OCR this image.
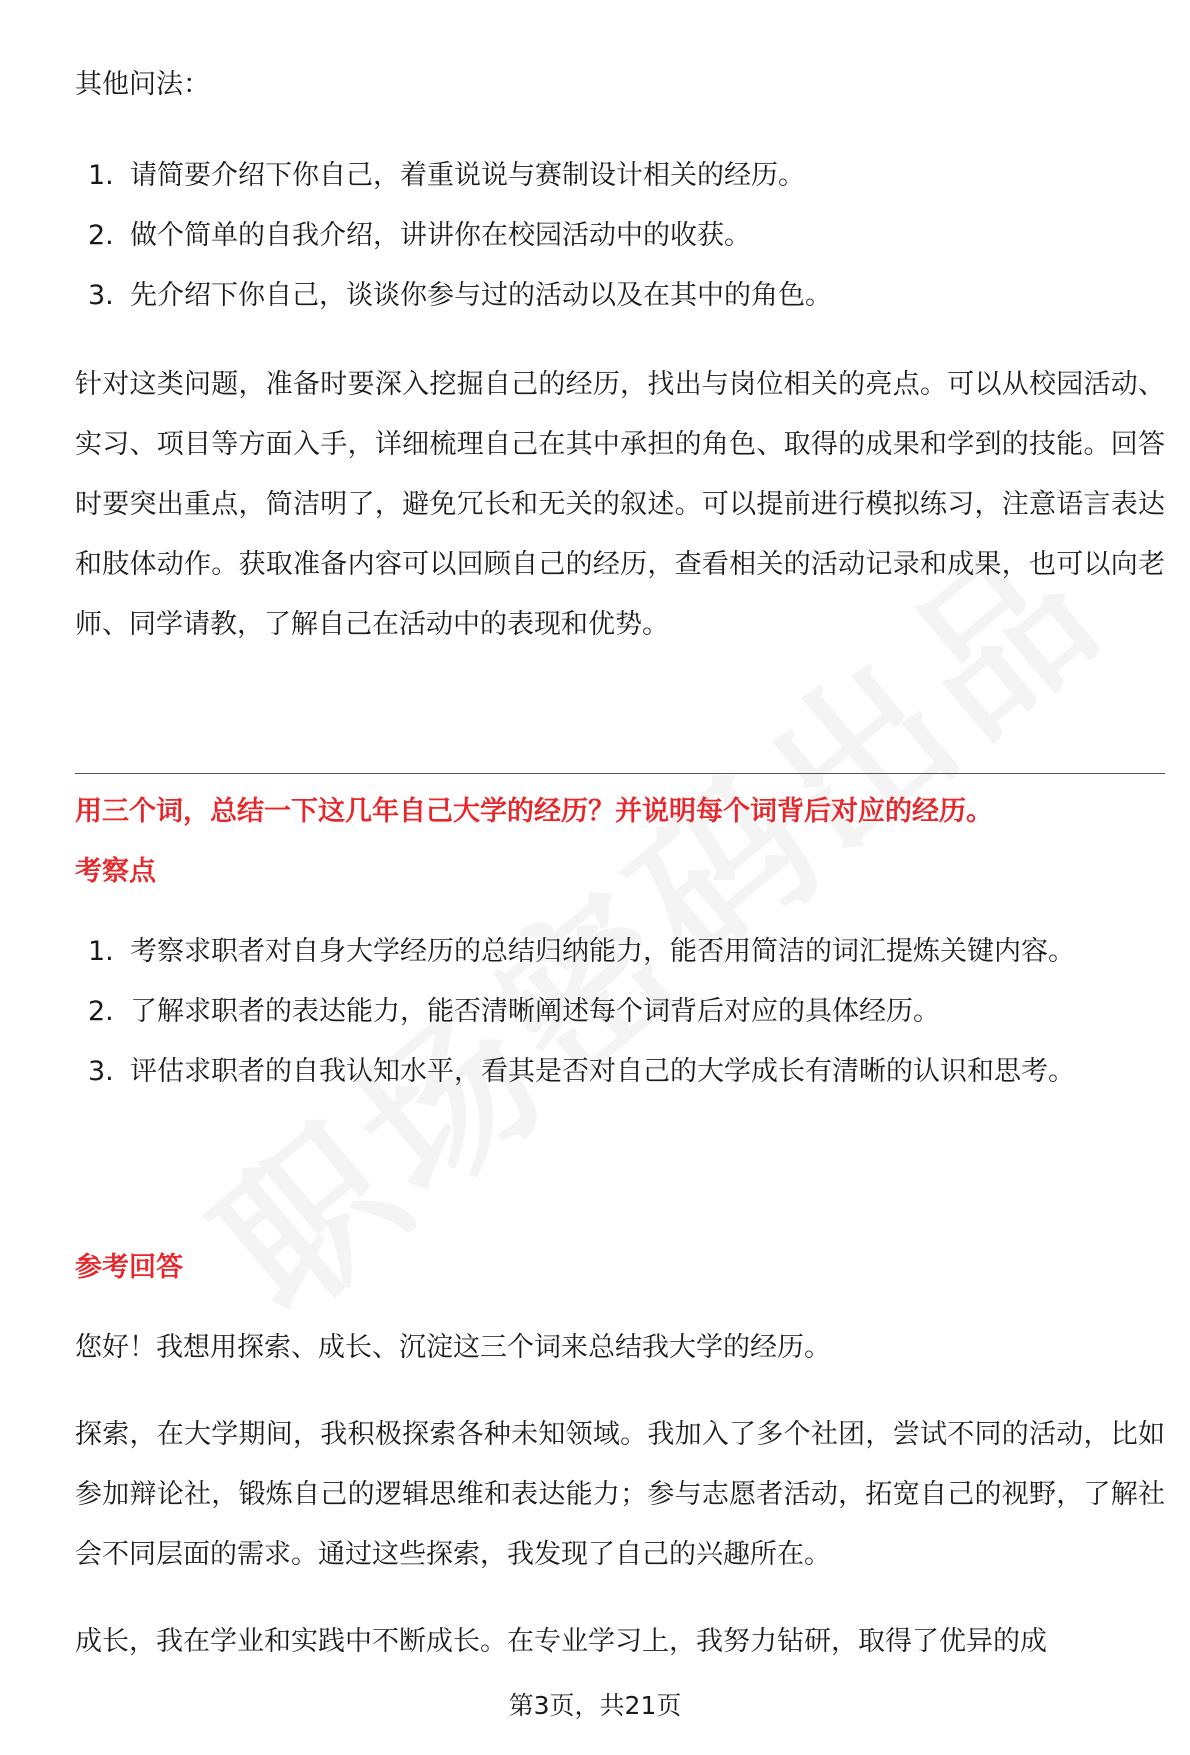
其他问法：

1. 请简要介绍下你自己，着重说说与赛制设计相关的经历。
2. 做个简单的自我介绍，讲讲你在校园活动中的收获。
3. 先介绍下你自己，谈谈你参与过的活动以及在其中的角色。

针对这类问题，准备时要深入挖掘自己的经历，找出与岗位相关的亮点。可以从校园活动、实习、项目等方面入手，详细梳理自己在其中承担的角色、取得的成果和学到的技能。回答时要突出重点，简洁明了，避免冗长和无关的叙述。可以提前进行模拟练习，注意语言表达和肢体动作。获取准备内容可以回顾自己的经历，查看相关的活动记录和成果，也可以向老师、同学请教，了解自己在活动中的表现和优势。

用三个词，总结一下这几年自己大学的经历？并说明每个词背后对应的经历。

考察点

1. 考察求职者对自身大学经历的总结归纳能力，能否用简洁的词汇提炼关键内容。
2. 了解求职者的表达能力，能否清晰阐述每个词背后对应的具体经历。
3. 评估求职者的自我认知水平，看其是否对自己的大学成长有清晰的认识和思考。

参考回答

您好！我想用探索、成长、沉淀这三个词来总结我大学的经历。

探索，在大学期间，我积极探索各种未知领域。我加入了多个社团，尝试不同的活动，比如参加辩论社，锻炼自己的逻辑思维和表达能力；参与志愿者活动，拓宽自己的视野，了解社会不同层面的需求。通过这些探索，我发现了自己的兴趣所在。

成长，我在学业和实践中不断成长。在专业学习上，我努力钻研，取得了优异的成

第3页，共21页
